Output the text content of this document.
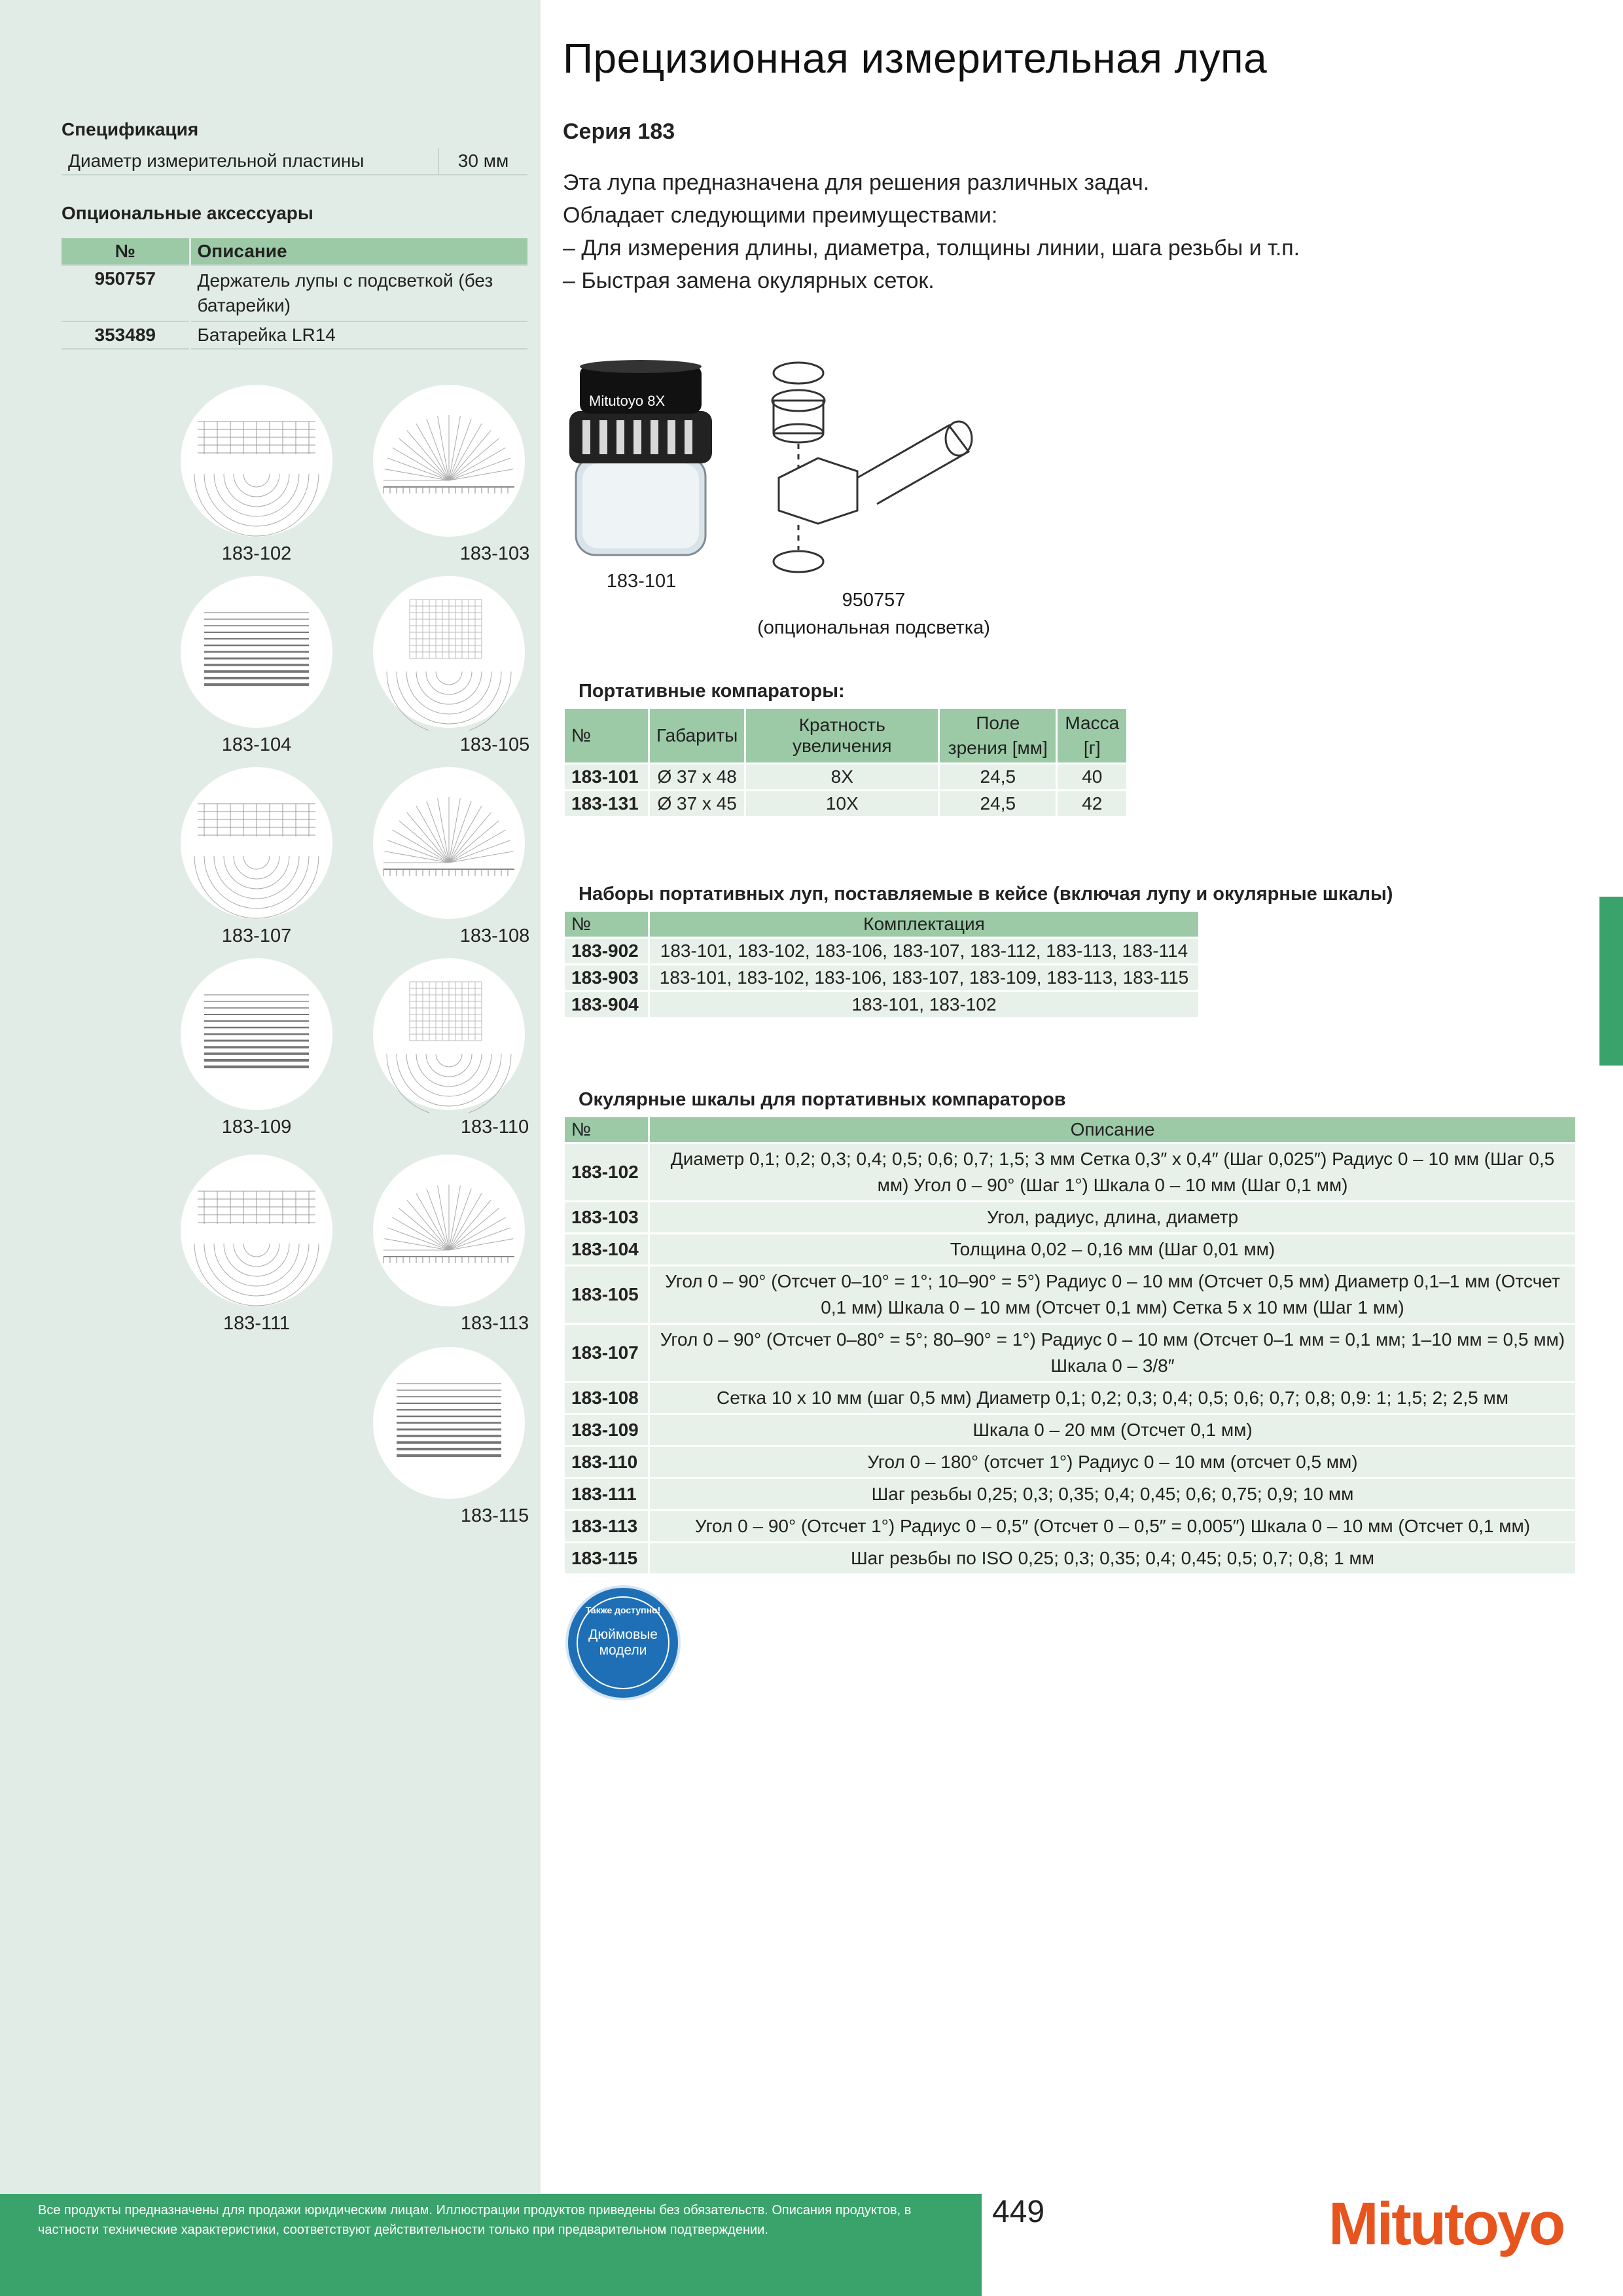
Прецизионная измерительная лупа
Серия 183
Эта лупа предназначена для решения различных задач.
Обладает следующими преимуществами:
– Для измерения длины, диаметра, толщины линии, шага резьбы и т.п.
– Быстрая замена окулярных сеток.
Спецификация
Диаметр измерительной пластины	30 мм
Опциональные аксессуары
№	Описание
950757	Держатель лупы с подсветкой (без батарейки)
353489	Батарейка LR14
183-102	183-103
183-104	183-105
183-107	183-108
183-109	183-110
183-111	183-113
183-115
183-101
Mitutoyo 8X
950757
(опциональная подсветка)
Портативные компараторы:
№	Габариты	Кратность увеличения	Поле зрения [мм]	Масса [г]
183-101	Ø 37 x 48	8X	24,5	40
183-131	Ø 37 x 45	10X	24,5	42
Наборы портативных луп, поставляемые в кейсе (включая лупу и окулярные шкалы)
№	Комплектация
183-902	183-101, 183-102, 183-106, 183-107, 183-112, 183-113, 183-114
183-903	183-101, 183-102, 183-106, 183-107, 183-109, 183-113, 183-115
183-904	183-101, 183-102
Окулярные шкалы для портативных компараторов
№	Описание
183-102	Диаметр 0,1; 0,2; 0,3; 0,4; 0,5; 0,6; 0,7; 1,5; 3 мм Сетка 0,3″ x 0,4″ (Шаг 0,025″) Радиус 0 – 10 мм (Шаг 0,5 мм) Угол 0 – 90° (Шаг 1°) Шкала 0 – 10 мм (Шаг 0,1 мм)
183-103	Угол, радиус, длина, диаметр
183-104	Толщина 0,02 – 0,16 мм (Шаг 0,01 мм)
183-105	Угол 0 – 90° (Отсчет 0–10° = 1°; 10–90° = 5°) Радиус 0 – 10 мм (Отсчет 0,5 мм) Диаметр 0,1–1 мм (Отсчет 0,1 мм) Шкала 0 – 10 мм (Отсчет 0,1 мм) Сетка 5 x 10 мм (Шаг 1 мм)
183-107	Угол 0 – 90° (Отсчет 0–80° = 5°; 80–90° = 1°) Радиус 0 – 10 мм (Отсчет 0–1 мм = 0,1 мм; 1–10 мм = 0,5 мм) Шкала 0 – 3/8″
183-108	Сетка 10 x 10 мм (шаг 0,5 мм) Диаметр 0,1; 0,2; 0,3; 0,4; 0,5; 0,6; 0,7; 0,8; 0,9: 1; 1,5; 2; 2,5 мм
183-109	Шкала 0 – 20 мм (Отсчет 0,1 мм)
183-110	Угол 0 – 180° (отсчет 1°) Радиус 0 – 10 мм (отсчет 0,5 мм)
183-111	Шаг резьбы 0,25; 0,3; 0,35; 0,4; 0,45; 0,6; 0,75; 0,9; 10 мм
183-113	Угол 0 – 90° (Отсчет 1°) Радиус 0 – 0,5″ (Отсчет 0 – 0,5″ = 0,005″) Шкала 0 – 10 мм (Отсчет 0,1 мм)
183-115	Шаг резьбы по ISO 0,25; 0,3; 0,35; 0,4; 0,45; 0,5; 0,7; 0,8; 1 мм
Также доступно!
Дюймовые
модели
Все продукты предназначены для продажи юридическим лицам. Иллюстрации продуктов приведены без обязательств. Описания продуктов, в частности технические характеристики, соответствуют действительности только при предварительном подтверждении.
449	Mitutoyo
